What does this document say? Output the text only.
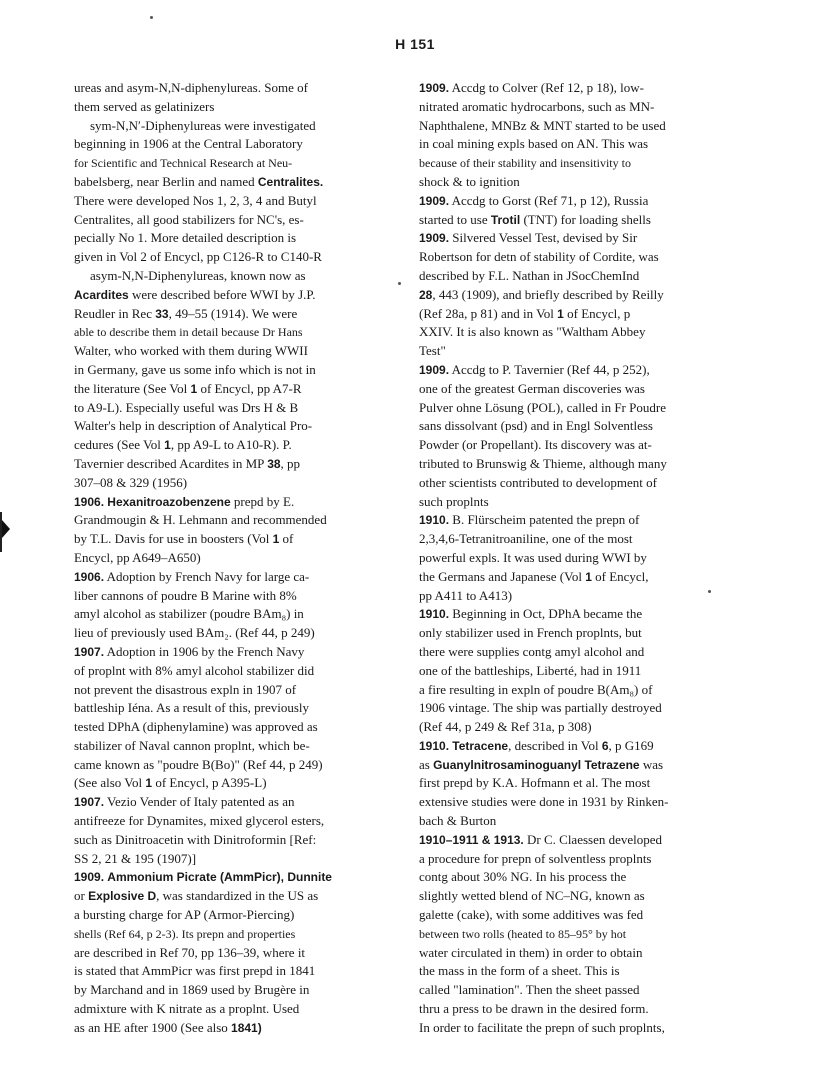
H 151
ureas and asym-N,N-diphenylureas. Some of
them served as gelatinizers
sym-N,N′-Diphenylureas were investigated
beginning in 1906 at the Central Laboratory
for Scientific and Technical Research at Neu-
babelsberg, near Berlin and named Centralites.
There were developed Nos 1, 2, 3, 4 and Butyl
Centralites, all good stabilizers for NC's, es-
pecially No 1. More detailed description is
given in Vol 2 of Encycl, pp C126-R to C140-R
asym-N,N-Diphenylureas, known now as
Acardites were described before WWI by J.P.
Reudler in Rec 33, 49–55 (1914). We were
able to describe them in detail because Dr Hans
Walter, who worked with them during WWII
in Germany, gave us some info which is not in
the literature (See Vol 1 of Encycl, pp A7-R
to A9-L). Especially useful was Drs H & B
Walter's help in description of Analytical Pro-
cedures (See Vol 1, pp A9-L to A10-R). P.
Tavernier described Acardites in MP 38, pp
307–08 & 329 (1956)
1906. Hexanitroazobenzene prepd by E.
Grandmougin & H. Lehmann and recommended
by T.L. Davis for use in boosters (Vol 1 of
Encycl, pp A649–A650)
1906. Adoption by French Navy for large ca-
liber cannons of poudre B Marine with 8%
amyl alcohol as stabilizer (poudre BAm₈) in
lieu of previously used BAm₂. (Ref 44, p 249)
1907. Adoption in 1906 by the French Navy
of proplnt with 8% amyl alcohol stabilizer did
not prevent the disastrous expln in 1907 of
battleship Iéna. As a result of this, previously
tested DPhA (diphenylamine) was approved as
stabilizer of Naval cannon proplnt, which be-
came known as "poudre B(Bo)" (Ref 44, p 249)
(See also Vol 1 of Encycl, p A395-L)
1907. Vezio Vender of Italy patented as an
antifreeze for Dynamites, mixed glycerol esters,
such as Dinitroacetin with Dinitroformin [Ref:
SS 2, 21 & 195 (1907)]
1909. Ammonium Picrate (AmmPicr), Dunnite
or Explosive D, was standardized in the US as
a bursting charge for AP (Armor-Piercing)
shells (Ref 64, p 2-3). Its prepn and properties
are described in Ref 70, pp 136–39, where it
is stated that AmmPicr was first prepd in 1841
by Marchand and in 1869 used by Brugère in
admixture with K nitrate as a proplnt. Used
as an HE after 1900 (See also 1841)
1909. Accdg to Colver (Ref 12, p 18), low-
nitrated aromatic hydrocarbons, such as MN-
Naphthalene, MNBz & MNT started to be used
in coal mining expls based on AN. This was
because of their stability and insensitivity to
shock & to ignition
1909. Accdg to Gorst (Ref 71, p 12), Russia
started to use Trotil (TNT) for loading shells
1909. Silvered Vessel Test, devised by Sir
Robertson for detn of stability of Cordite, was
described by F.L. Nathan in JSocChemInd
28, 443 (1909), and briefly described by Reilly
(Ref 28a, p 81) and in Vol 1 of Encycl, p
XXIV. It is also known as "Waltham Abbey
Test"
1909. Accdg to P. Tavernier (Ref 44, p 252),
one of the greatest German discoveries was
Pulver ohne Lösung (POL), called in Fr Poudre
sans dissolvant (psd) and in Engl Solventless
Powder (or Propellant). Its discovery was at-
tributed to Brunswig & Thieme, although many
other scientists contributed to development of
such proplnts
1910. B. Flürscheim patented the prepn of
2,3,4,6-Tetranitroaniline, one of the most
powerful expls. It was used during WWI by
the Germans and Japanese (Vol 1 of Encycl,
pp A411 to A413)
1910. Beginning in Oct, DPhA became the
only stabilizer used in French proplnts, but
there were supplies contg amyl alcohol and
one of the battleships, Liberté, had in 1911
a fire resulting in expln of poudre B(Am₈) of
1906 vintage. The ship was partially destroyed
(Ref 44, p 249 & Ref 31a, p 308)
1910. Tetracene, described in Vol 6, p G169
as Guanylnitrosaminoguanyl Tetrazene was
first prepd by K.A. Hofmann et al. The most
extensive studies were done in 1931 by Rinken-
bach & Burton
1910–1911 & 1913. Dr C. Claessen developed
a procedure for prepn of solventless proplnts
contg about 30% NG. In his process the
slightly wetted blend of NC–NG, known as
galette (cake), with some additives was fed
between two rolls (heated to 85–95° by hot
water circulated in them) in order to obtain
the mass in the form of a sheet. This is
called "lamination". Then the sheet passed
thru a press to be drawn in the desired form.
In order to facilitate the prepn of such proplnts,
